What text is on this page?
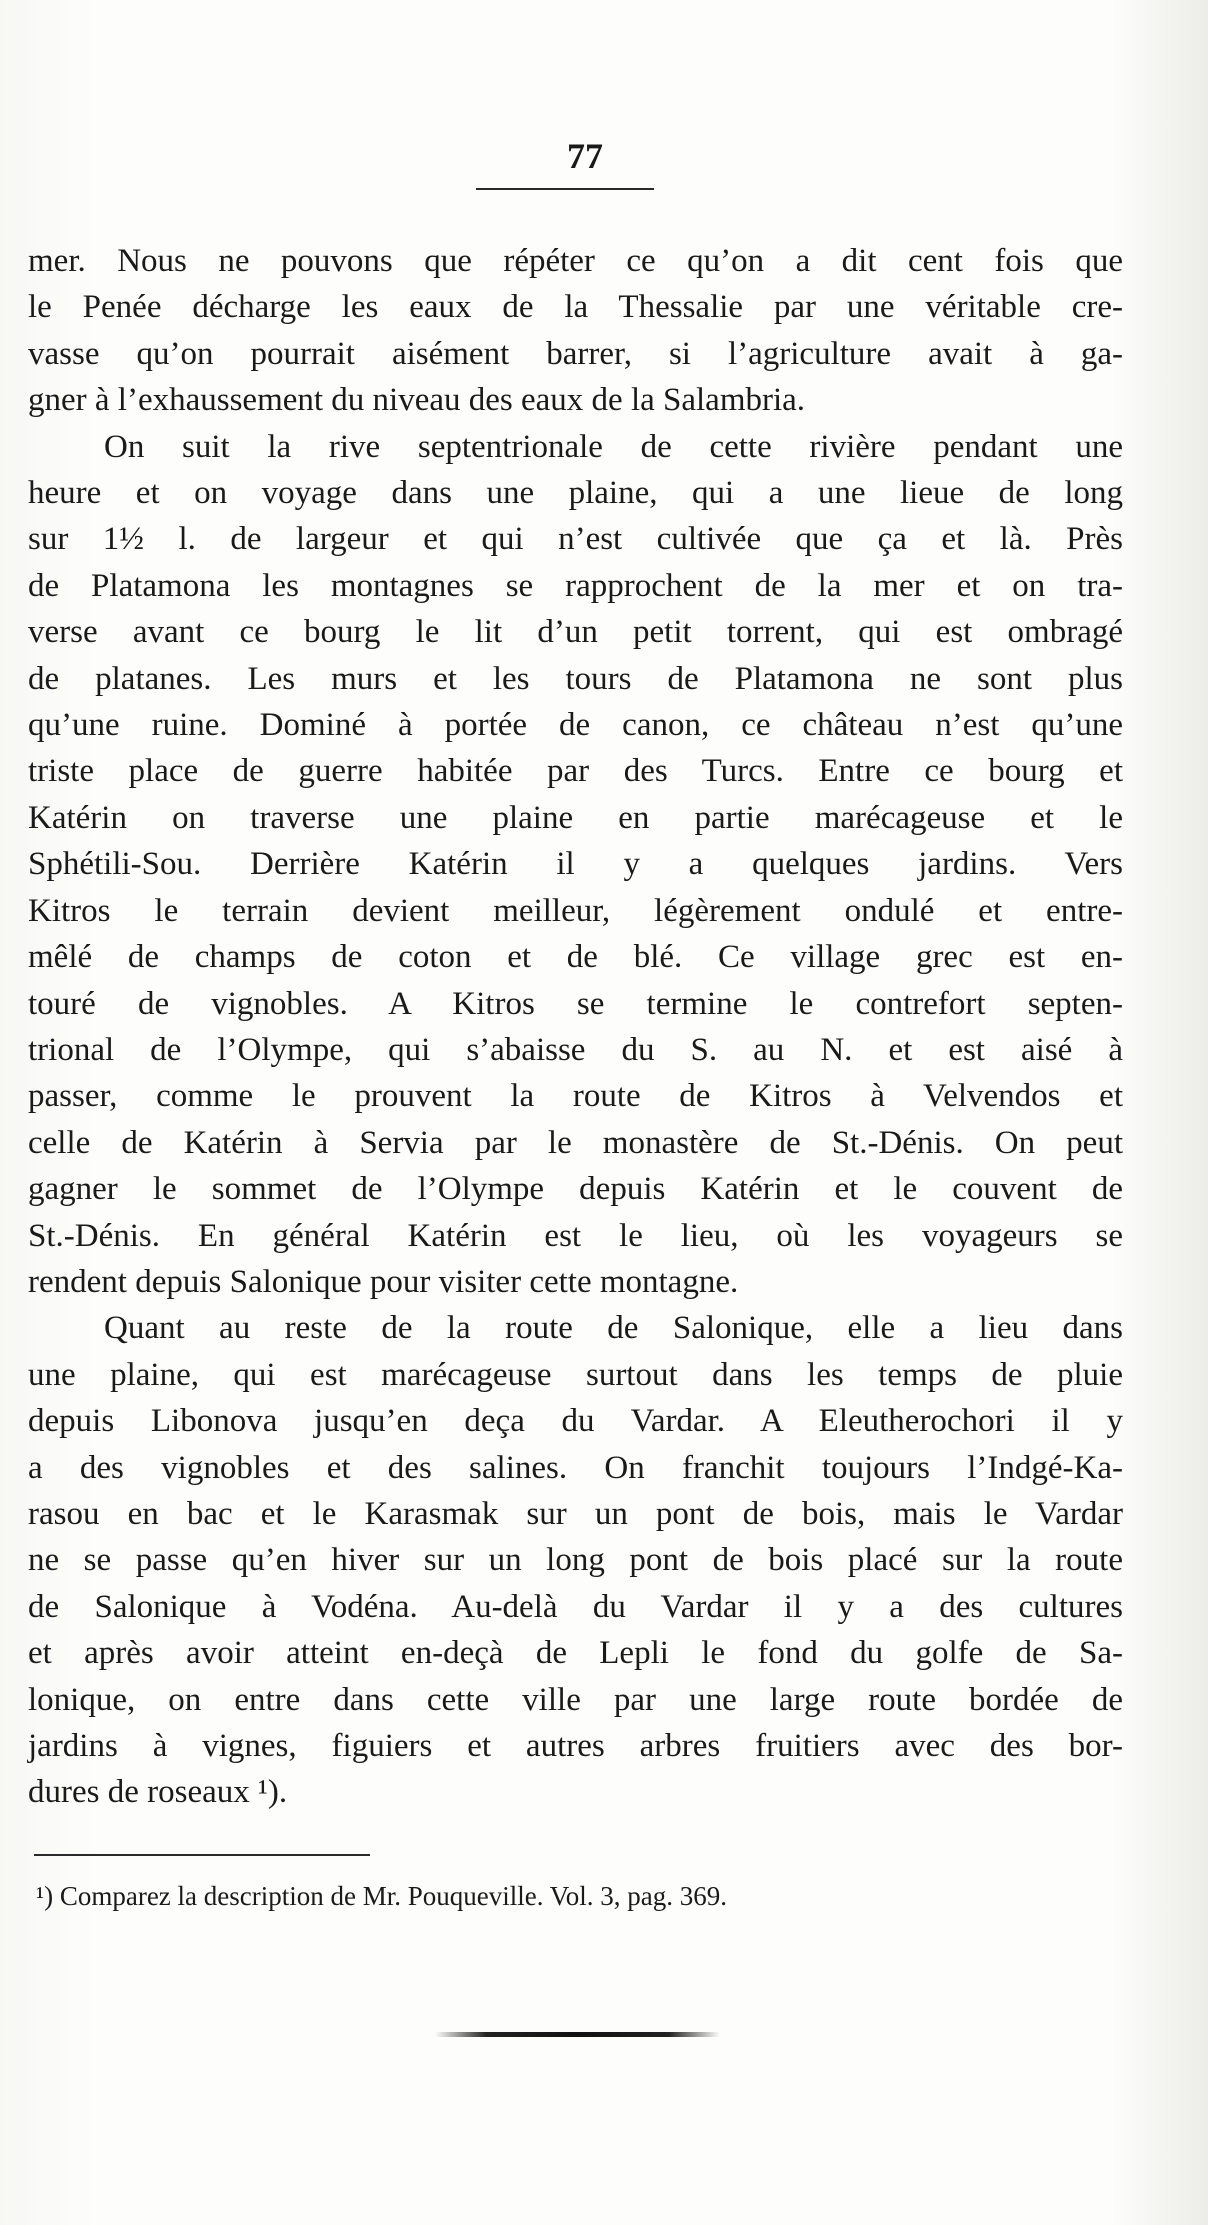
77

mer. Nous ne pouvons que répéter ce qu’on a dit cent fois que
le Penée décharge les eaux de la Thessalie par une véritable cre-
vasse qu’on pourrait aisément barrer, si l’agriculture avait à ga-
gner à l’exhaussement du niveau des eaux de la Salambria.

On suit la rive septentrionale de cette rivière pendant une
heure et on voyage dans une plaine, qui a une lieue de long
sur 1½ l. de largeur et qui n’est cultivée que ça et là. Près
de Platamona les montagnes se rapprochent de la mer et on tra-
verse avant ce bourg le lit d’un petit torrent, qui est ombragé
de platanes. Les murs et les tours de Platamona ne sont plus
qu’une ruine. Dominé à portée de canon, ce château n’est qu’une
triste place de guerre habitée par des Turcs. Entre ce bourg et
Katérin on traverse une plaine en partie marécageuse et le
Sphétili-Sou. Derrière Katérin il y a quelques jardins. Vers
Kitros le terrain devient meilleur, légèrement ondulé et entre-
mêlé de champs de coton et de blé. Ce village grec est en-
touré de vignobles. A Kitros se termine le contrefort septen-
trional de l’Olympe, qui s’abaisse du S. au N. et est aisé à
passer, comme le prouvent la route de Kitros à Velvendos et
celle de Katérin à Servia par le monastère de St.-Dénis. On peut
gagner le sommet de l’Olympe depuis Katérin et le couvent de
St.-Dénis. En général Katérin est le lieu, où les voyageurs se
rendent depuis Salonique pour visiter cette montagne.

Quant au reste de la route de Salonique, elle a lieu dans
une plaine, qui est marécageuse surtout dans les temps de pluie
depuis Libonova jusqu’en deça du Vardar. A Eleutherochori il y
a des vignobles et des salines. On franchit toujours l’Indgé-Ka-
rasou en bac et le Karasmak sur un pont de bois, mais le Vardar
ne se passe qu’en hiver sur un long pont de bois placé sur la route
de Salonique à Vodéna. Au-delà du Vardar il y a des cultures
et après avoir atteint en-deçà de Lepli le fond du golfe de Sa-
lonique, on entre dans cette ville par une large route bordée de
jardins à vignes, figuiers et autres arbres fruitiers avec des bor-
dures de roseaux ¹).

¹) Comparez la description de Mr. Pouqueville. Vol. 3, pag. 369.
